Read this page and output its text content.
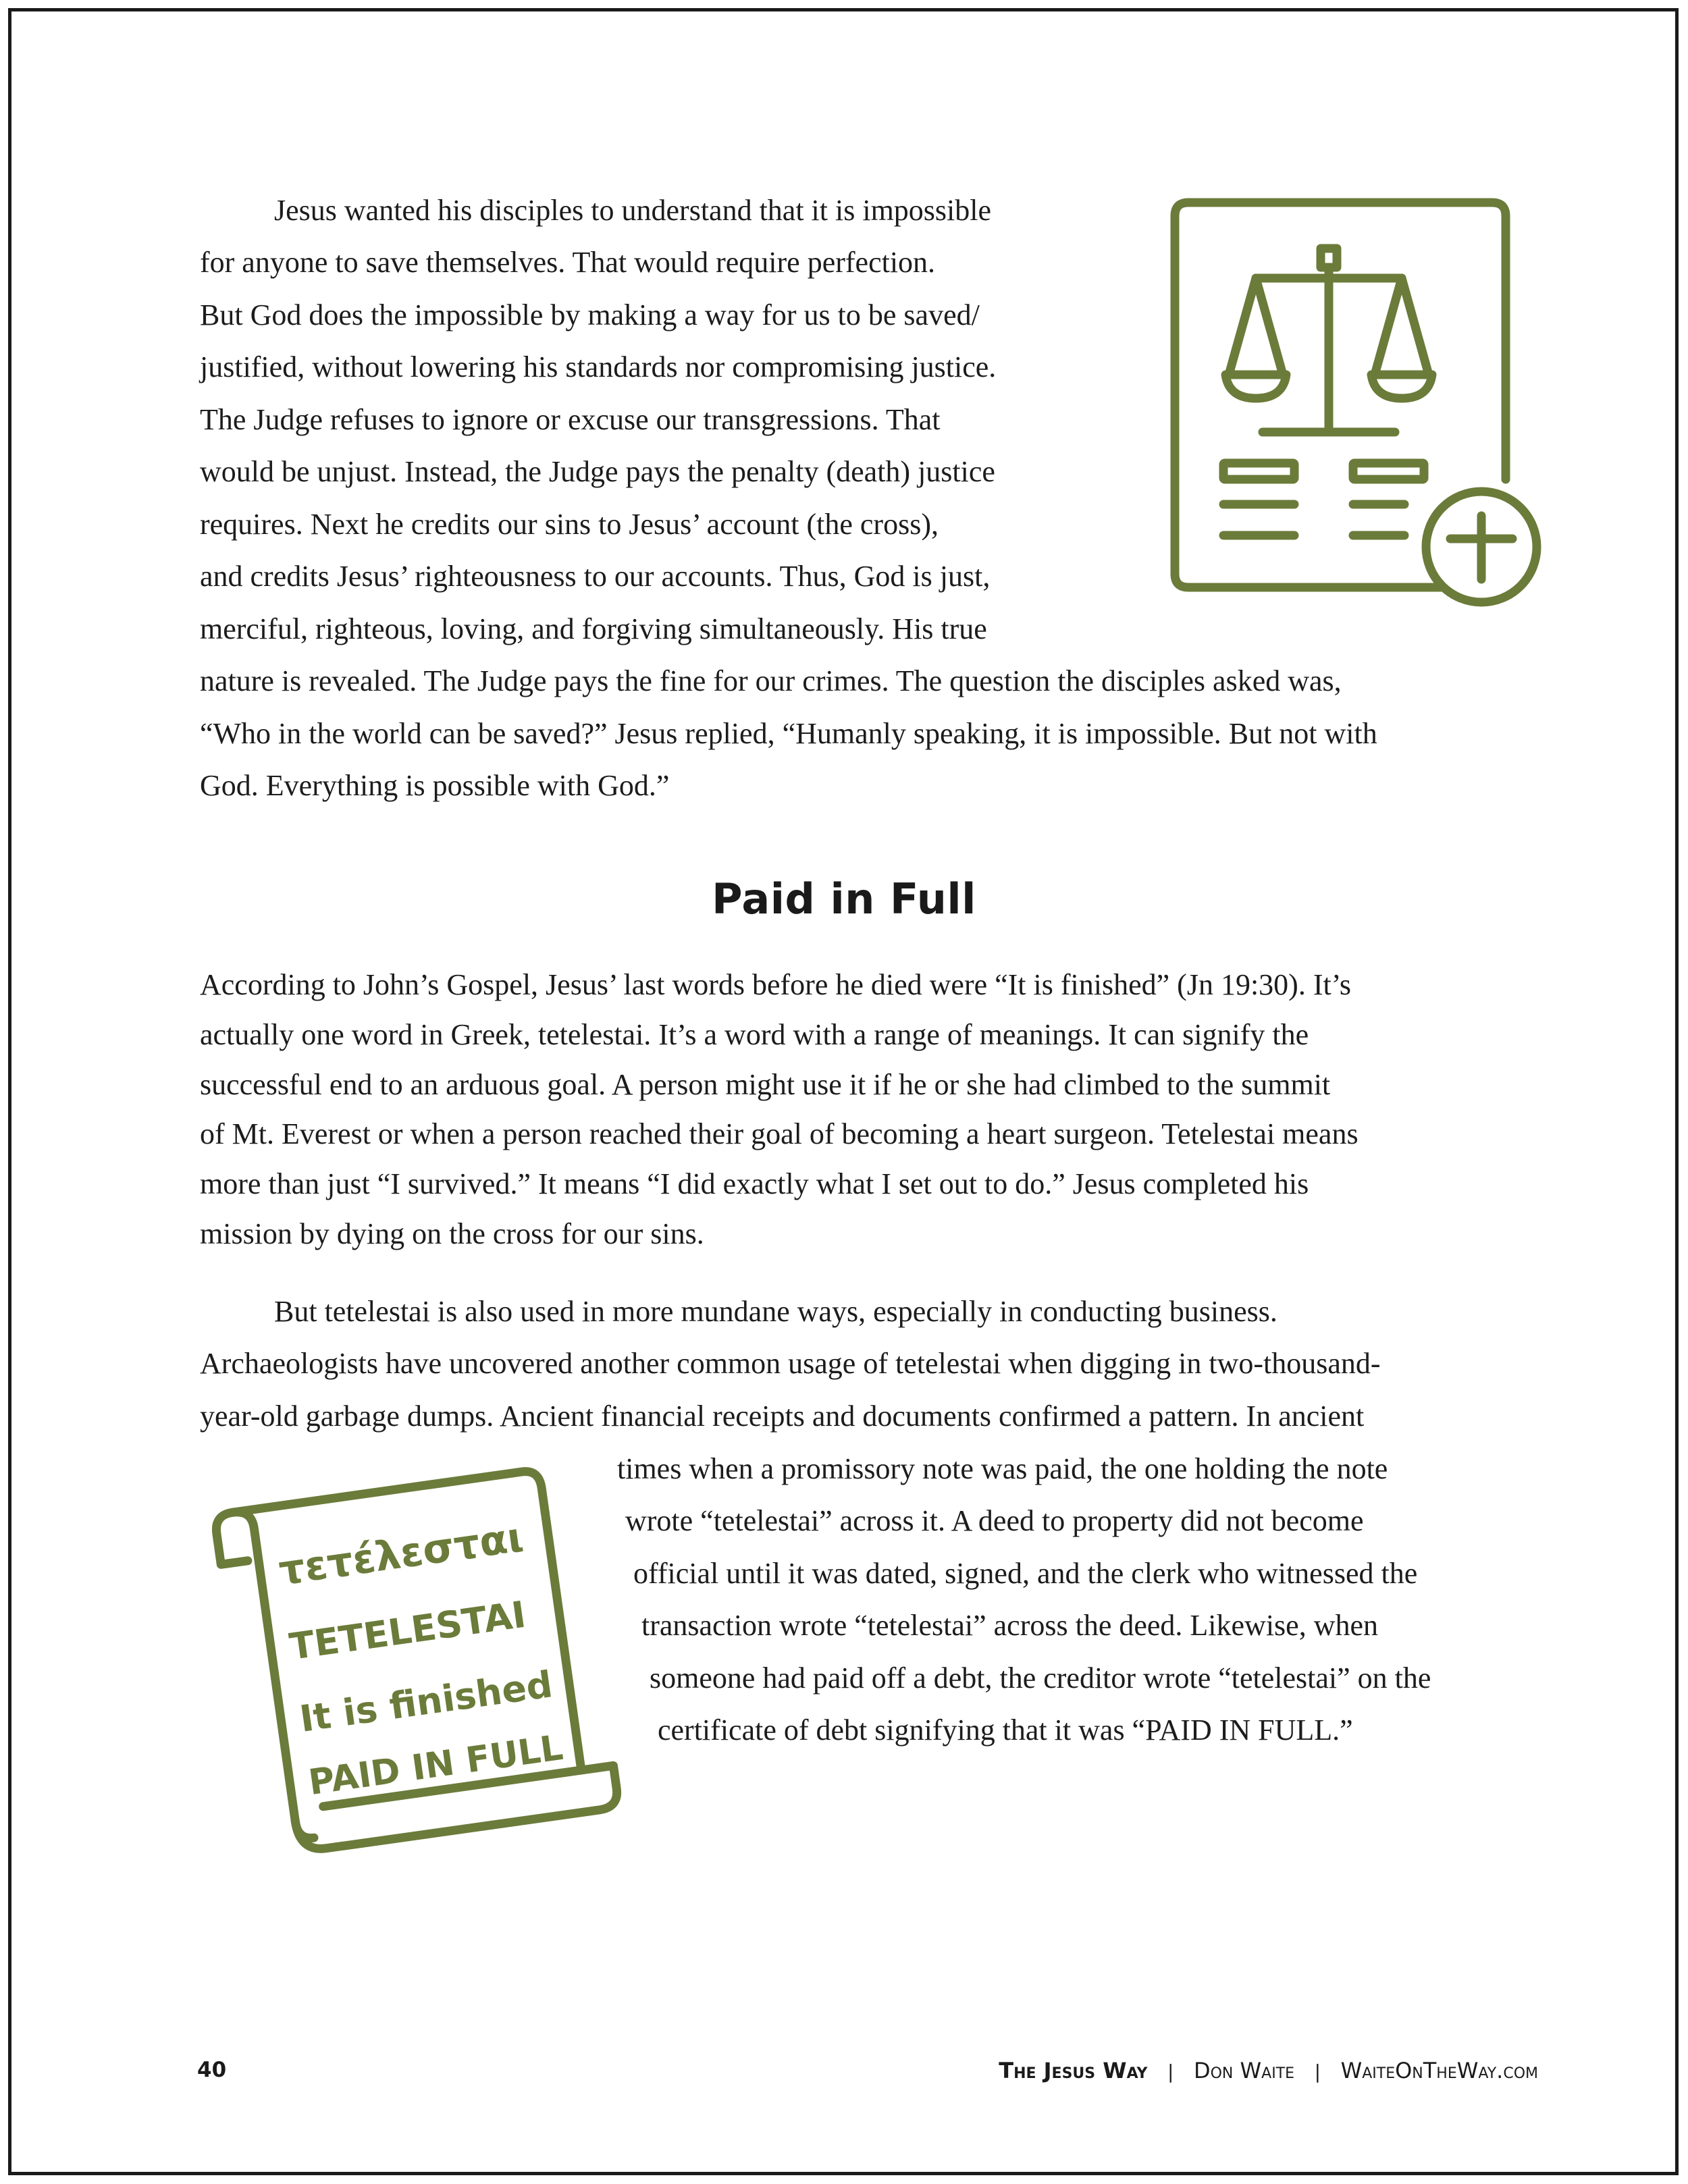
Jesus wanted his disciples to understand that it is impossible
for anyone to save themselves. That would require perfection.
But God does the impossible by making a way for us to be saved/
justified, without lowering his standards nor compromising justice.
The Judge refuses to ignore or excuse our transgressions. That
would be unjust. Instead, the Judge pays the penalty (death) justice
requires. Next he credits our sins to Jesus’ account (the cross),
and credits Jesus’ righteousness to our accounts. Thus, God is just,
merciful, righteous, loving, and forgiving simultaneously. His true
nature is revealed. The Judge pays the fine for our crimes. The question the disciples asked was,
“Who in the world can be saved?” Jesus replied, “Humanly speaking, it is impossible. But not with
God. Everything is possible with God.”
Paid in Full
According to John’s Gospel, Jesus’ last words before he died were “It is finished” (Jn 19:30). It’s
actually one word in Greek, tetelestai. It’s a word with a range of meanings. It can signify the
successful end to an arduous goal. A person might use it if he or she had climbed to the summit
of Mt. Everest or when a person reached their goal of becoming a heart surgeon. Tetelestai means
more than just “I survived.” It means “I did exactly what I set out to do.” Jesus completed his
mission by dying on the cross for our sins.
But tetelestai is also used in more mundane ways, especially in conducting business.
Archaeologists have uncovered another common usage of tetelestai when digging in two-thousand-
year-old garbage dumps. Ancient financial receipts and documents confirmed a pattern. In ancient
times when a promissory note was paid, the one holding the note
wrote “tetelestai” across it. A deed to property did not become
official until it was dated, signed, and the clerk who witnessed the
transaction wrote “tetelestai” across the deed. Likewise, when
someone had paid off a debt, the creditor wrote “tetelestai” on the
certificate of debt signifying that it was “PAID IN FULL.”
τετέλεσται
TETELESTAI
It is finished
PAID IN FULL
40	The Jesus Way | Don Waite | WaiteOnTheWay.com
